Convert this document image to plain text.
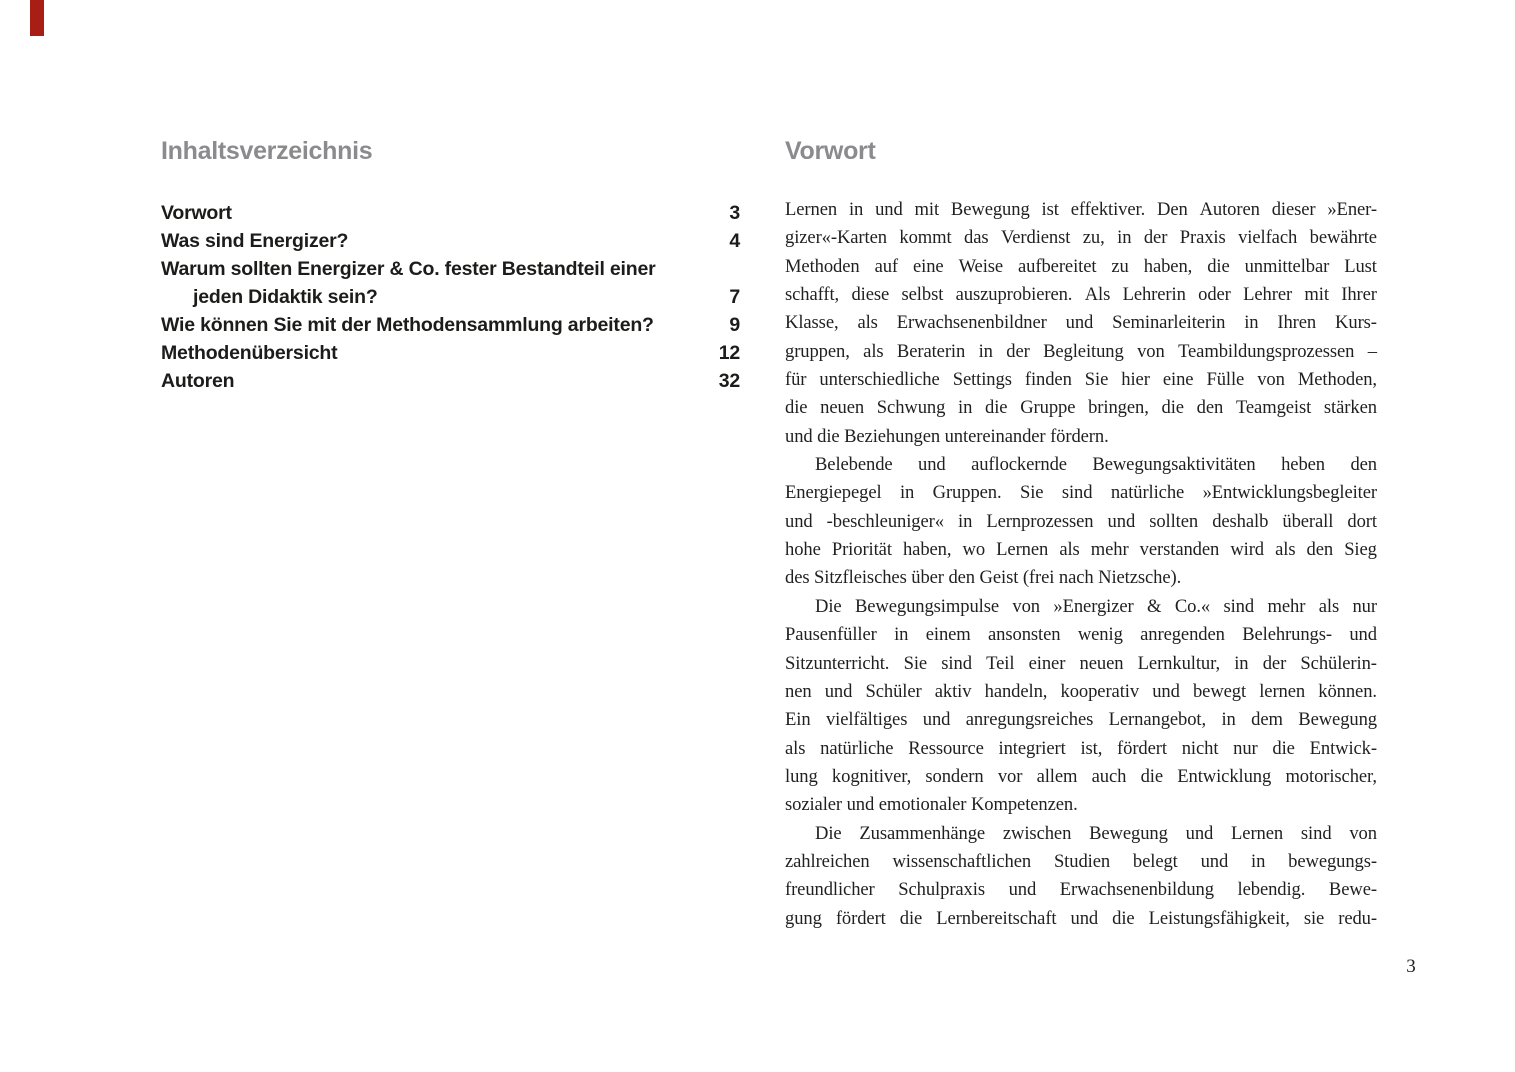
Inhaltsverzeichnis
Vorwort	3
Was sind Energizer?	4
Warum sollten Energizer & Co. fester Bestandteil einer
jeden Didaktik sein?	7
Wie können Sie mit der Methodensammlung arbeiten?	9
Methodenübersicht	12
Autoren	32
Vorwort
Lernen in und mit Bewegung ist effektiver. Den Autoren dieser »Ener-
gizer«-Karten kommt das Verdienst zu, in der Praxis vielfach bewährte
Methoden auf eine Weise aufbereitet zu haben, die unmittelbar Lust
schafft, diese selbst auszuprobieren. Als Lehrerin oder Lehrer mit Ihrer
Klasse, als Erwachsenenbildner und Seminarleiterin in Ihren Kurs-
gruppen, als Beraterin in der Begleitung von Teambildungsprozessen –
für unterschiedliche Settings finden Sie hier eine Fülle von Methoden,
die neuen Schwung in die Gruppe bringen, die den Teamgeist stärken
und die Beziehungen untereinander fördern.
Belebende und auflockernde Bewegungsaktivitäten heben den
Energiepegel in Gruppen. Sie sind natürliche »Entwicklungsbegleiter
und -beschleuniger« in Lernprozessen und sollten deshalb überall dort
hohe Priorität haben, wo Lernen als mehr verstanden wird als den Sieg
des Sitzfleisches über den Geist (frei nach Nietzsche).
Die Bewegungsimpulse von »Energizer & Co.« sind mehr als nur
Pausenfüller in einem ansonsten wenig anregenden Belehrungs- und
Sitzunterricht. Sie sind Teil einer neuen Lernkultur, in der Schülerin-
nen und Schüler aktiv handeln, kooperativ und bewegt lernen können.
Ein vielfältiges und anregungsreiches Lernangebot, in dem Bewegung
als natürliche Ressource integriert ist, fördert nicht nur die Entwick-
lung kognitiver, sondern vor allem auch die Entwicklung motorischer,
sozialer und emotionaler Kompetenzen.
Die Zusammenhänge zwischen Bewegung und Lernen sind von
zahlreichen wissenschaftlichen Studien belegt und in bewegungs-
freundlicher Schulpraxis und Erwachsenenbildung lebendig. Bewe-
gung fördert die Lernbereitschaft und die Leistungsfähigkeit, sie redu-
3
